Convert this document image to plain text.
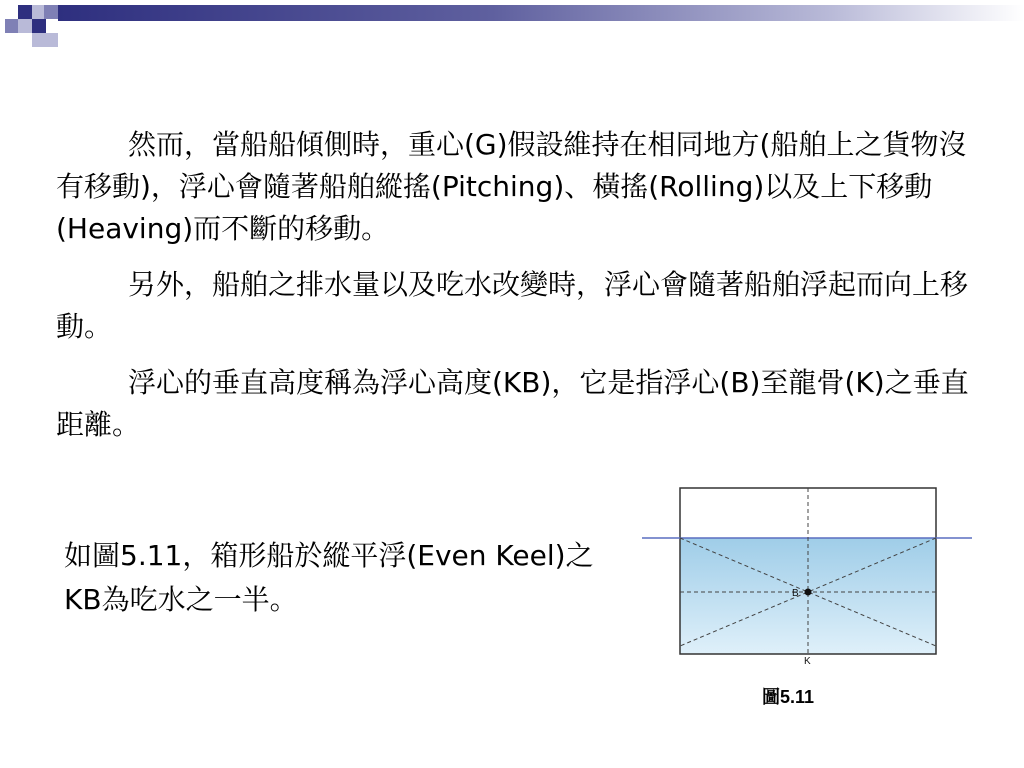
然而，當船船傾側時，重心(G)假設維持在相同地方(船舶上之貨物沒有移動)，浮心會隨著船舶縱搖(Pitching)、橫搖(Rolling)以及上下移動(Heaving)而不斷的移動。

另外，船舶之排水量以及吃水改變時，浮心會隨著船舶浮起而向上移動。

浮心的垂直高度稱為浮心高度(KB)，它是指浮心(B)至龍骨(K)之垂直距離。

如圖5.11，箱形船於縱平浮(Even Keel)之KB為吃水之一半。	B
K
圖5.11
